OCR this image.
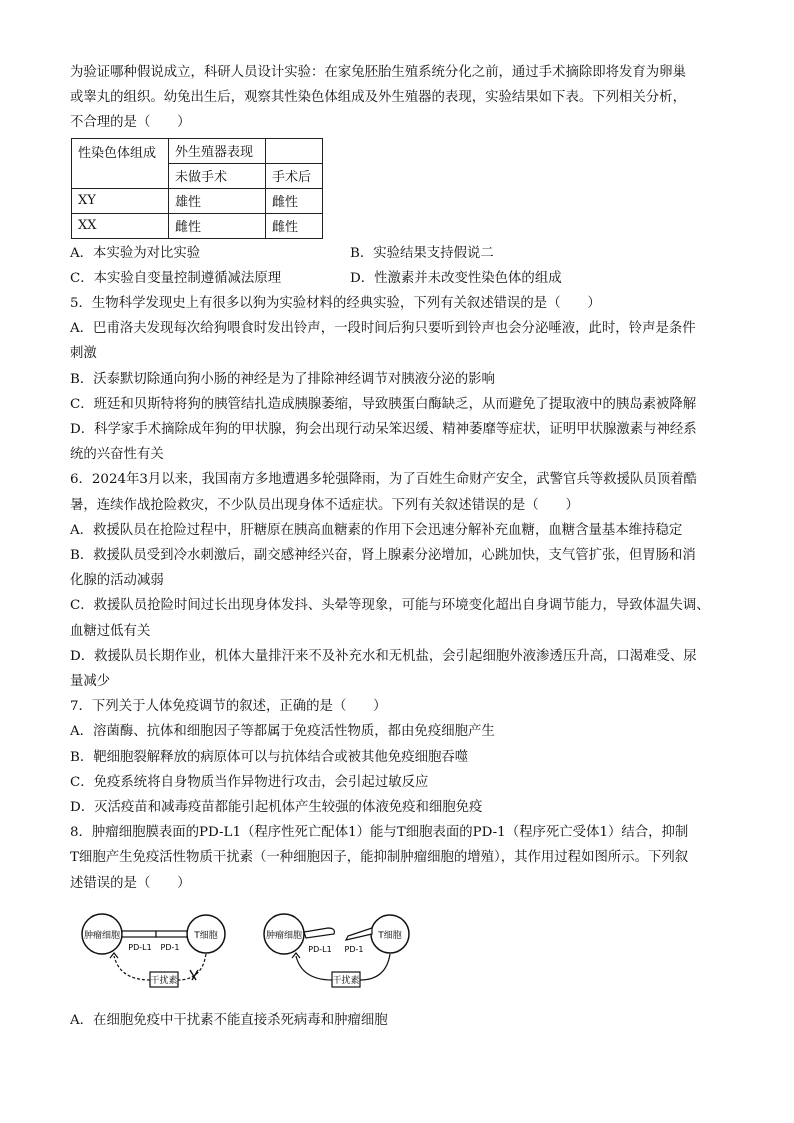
为验证哪种假说成立，科研人员设计实验：在家兔胚胎生殖系统分化之前，通过手术摘除即将发育为卵巢
或睾丸的组织。幼兔出生后，观察其性染色体组成及外生殖器的表现，实验结果如下表。下列相关分析，
不合理的是（　　）
性染色体组成	外生殖器表现	
	未做手术	手术后
XY	雄性	雌性
XX	雌性	雌性
A．本实验为对比实验	B．实验结果支持假说二
C．本实验自变量控制遵循减法原理	D．性激素并未改变性染色体的组成
5．生物科学发现史上有很多以狗为实验材料的经典实验，下列有关叙述错误的是（　　）
A．巴甫洛夫发现每次给狗喂食时发出铃声，一段时间后狗只要听到铃声也会分泌唾液，此时，铃声是条件
刺激
B．沃泰默切除通向狗小肠的神经是为了排除神经调节对胰液分泌的影响
C．班廷和贝斯特将狗的胰管结扎造成胰腺萎缩，导致胰蛋白酶缺乏，从而避免了提取液中的胰岛素被降解
D．科学家手术摘除成年狗的甲状腺，狗会出现行动呆笨迟缓、精神萎靡等症状，证明甲状腺激素与神经系
统的兴奋性有关
6．2024年3月以来，我国南方多地遭遇多轮强降雨，为了百姓生命财产安全，武警官兵等救援队员顶着酷
暑，连续作战抢险救灾，不少队员出现身体不适症状。下列有关叙述错误的是（　　）
A．救援队员在抢险过程中，肝糖原在胰高血糖素的作用下会迅速分解补充血糖，血糖含量基本维持稳定
B．救援队员受到冷水刺激后，副交感神经兴奋，肾上腺素分泌增加，心跳加快，支气管扩张，但胃肠和消
化腺的活动减弱
C．救援队员抢险时间过长出现身体发抖、头晕等现象，可能与环境变化超出自身调节能力，导致体温失调、
血糖过低有关
D．救援队员长期作业，机体大量排汗来不及补充水和无机盐，会引起细胞外液渗透压升高，口渴难受、尿
量减少
7．下列关于人体免疫调节的叙述，正确的是（　　）
A．溶菌酶、抗体和细胞因子等都属于免疫活性物质，都由免疫细胞产生
B．靶细胞裂解释放的病原体可以与抗体结合或被其他免疫细胞吞噬
C．免疫系统将自身物质当作异物进行攻击，会引起过敏反应
D．灭活疫苗和减毒疫苗都能引起机体产生较强的体液免疫和细胞免疫
8．肿瘤细胞膜表面的PD-L1（程序性死亡配体1）能与T细胞表面的PD-1（程序死亡受体1）结合，抑制
T细胞产生免疫活性物质干扰素（一种细胞因子，能抑制肿瘤细胞的增殖），其作用过程如图所示。下列叙
述错误的是（　　）
肿瘤细胞	T细胞
PD-L1 PD-1
干扰素
肿瘤细胞	T细胞
PD-L1 PD-1
干扰素
A．在细胞免疫中干扰素不能直接杀死病毒和肿瘤细胞
